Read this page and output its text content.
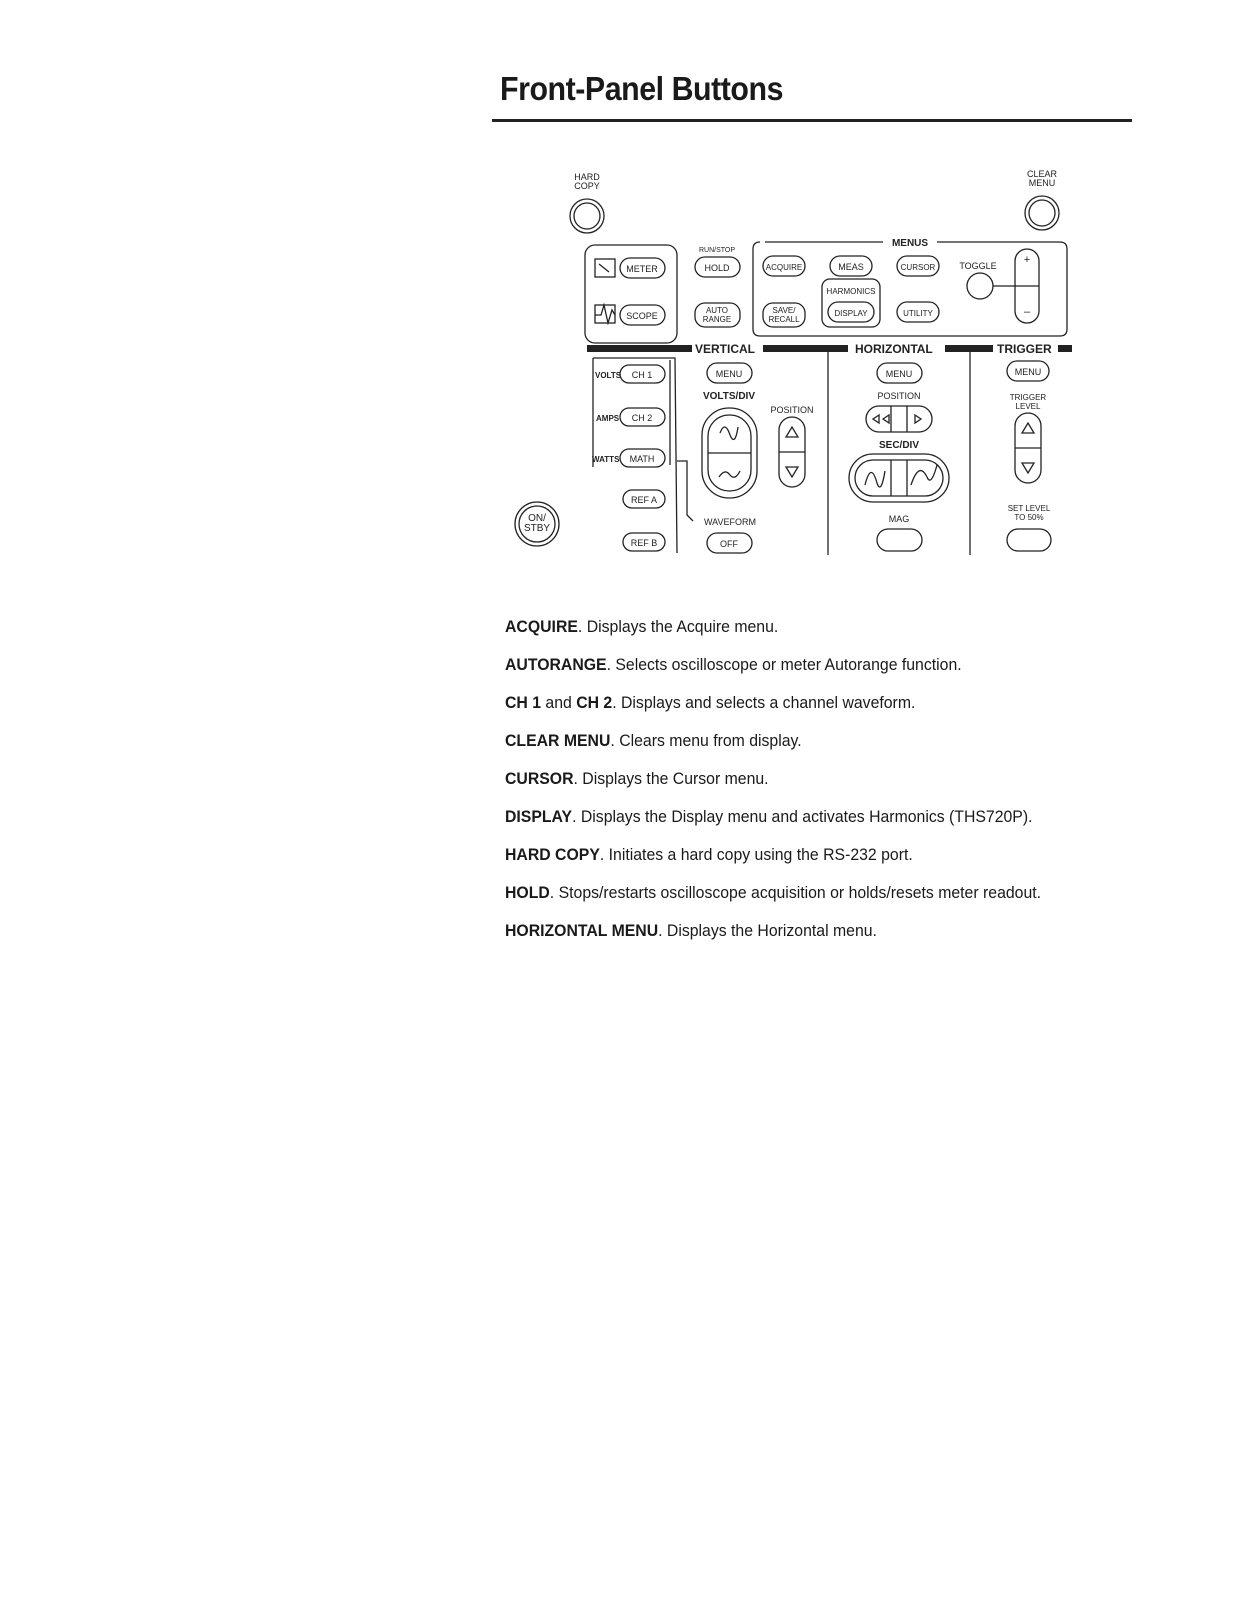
Front-Panel Buttons
HARD
COPY
CLEAR
MENU
RUN/STOP
MENUS
METER
SCOPE
HOLD
AUTO
RANGE
ACQUIRE	MEAS	CURSOR	TOGGLE +
–
SAVE/
RECALL
HARMONICS
DISPLAY	UTILITY
VERTICAL	HORIZONTAL	TRIGGER
VOLTS
AMPS
WATTS
CH 1
CH 2
MATH
REF A
REF B
ON/
STBY
MENU
VOLTS/DIV
POSITION
WAVEFORM
OFF
MENU
POSITION
SEC/DIV
MAG
MENU
TRIGGER
LEVEL
SET LEVEL
TO 50%
ACQUIRE. Displays the Acquire menu.
AUTORANGE. Selects oscilloscope or meter Autorange function.
CH 1 and CH 2. Displays and selects a channel waveform.
CLEAR MENU. Clears menu from display.
CURSOR. Displays the Cursor menu.
DISPLAY. Displays the Display menu and activates Harmonics (THS720P).
HARD COPY. Initiates a hard copy using the RS-232 port.
HOLD. Stops/restarts oscilloscope acquisition or holds/resets meter readout.
HORIZONTAL MENU. Displays the Horizontal menu.
